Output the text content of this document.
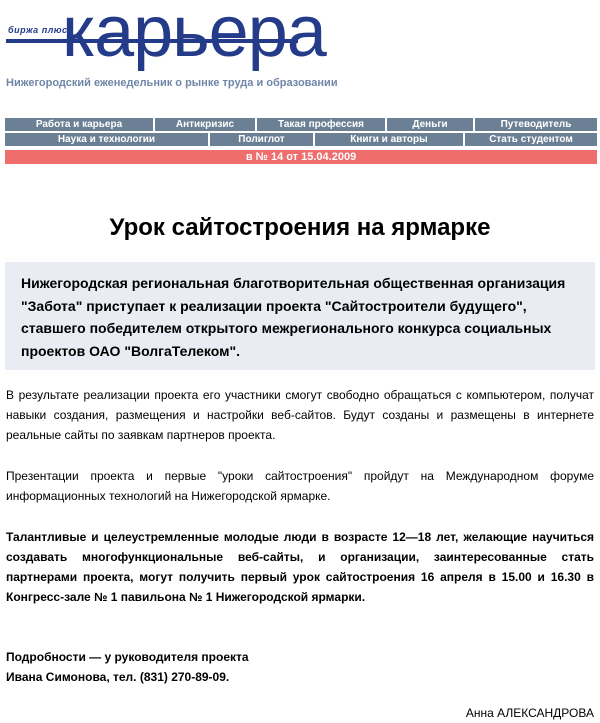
биржа плюс
карьера
Нижегородский еженедельник о рынке труда и образовании
Работа и карьера	Антикризис	Такая профессия	Деньги	Путеводитель
Наука и технологии	Полиглот	Книги и авторы	Стать студентом
в № 14 от 15.04.2009
Урок сайтостроения на ярмарке
Нижегородская региональная благотворительная общественная организация "Забота" приступает к реализации проекта "Сайтостроители будущего", ставшего победителем открытого межрегионального конкурса социальных проектов ОАО "ВолгаТелеком".
В результате реализации проекта его участники смогут свободно обращаться с компьютером, получат навыки создания, размещения и настройки веб-сайтов. Будут созданы и размещены в интернете реальные сайты по заявкам партнеров проекта.
Презентации проекта и первые "уроки сайтостроения" пройдут на Международном форуме информационных технологий на Нижегородской ярмарке.
Талантливые и целеустремленные молодые люди в возрасте 12—18 лет, желающие научиться создавать многофункциональные веб-сайты, и организации, заинтересованные стать партнерами проекта, могут получить первый урок сайтостроения 16 апреля в 15.00 и 16.30 в Конгресс-зале № 1 павильона № 1 Нижегородской ярмарки.
Подробности — у руководителя проекта
Ивана Симонова, тел. (831) 270-89-09.
Анна АЛЕКСАНДРОВА
